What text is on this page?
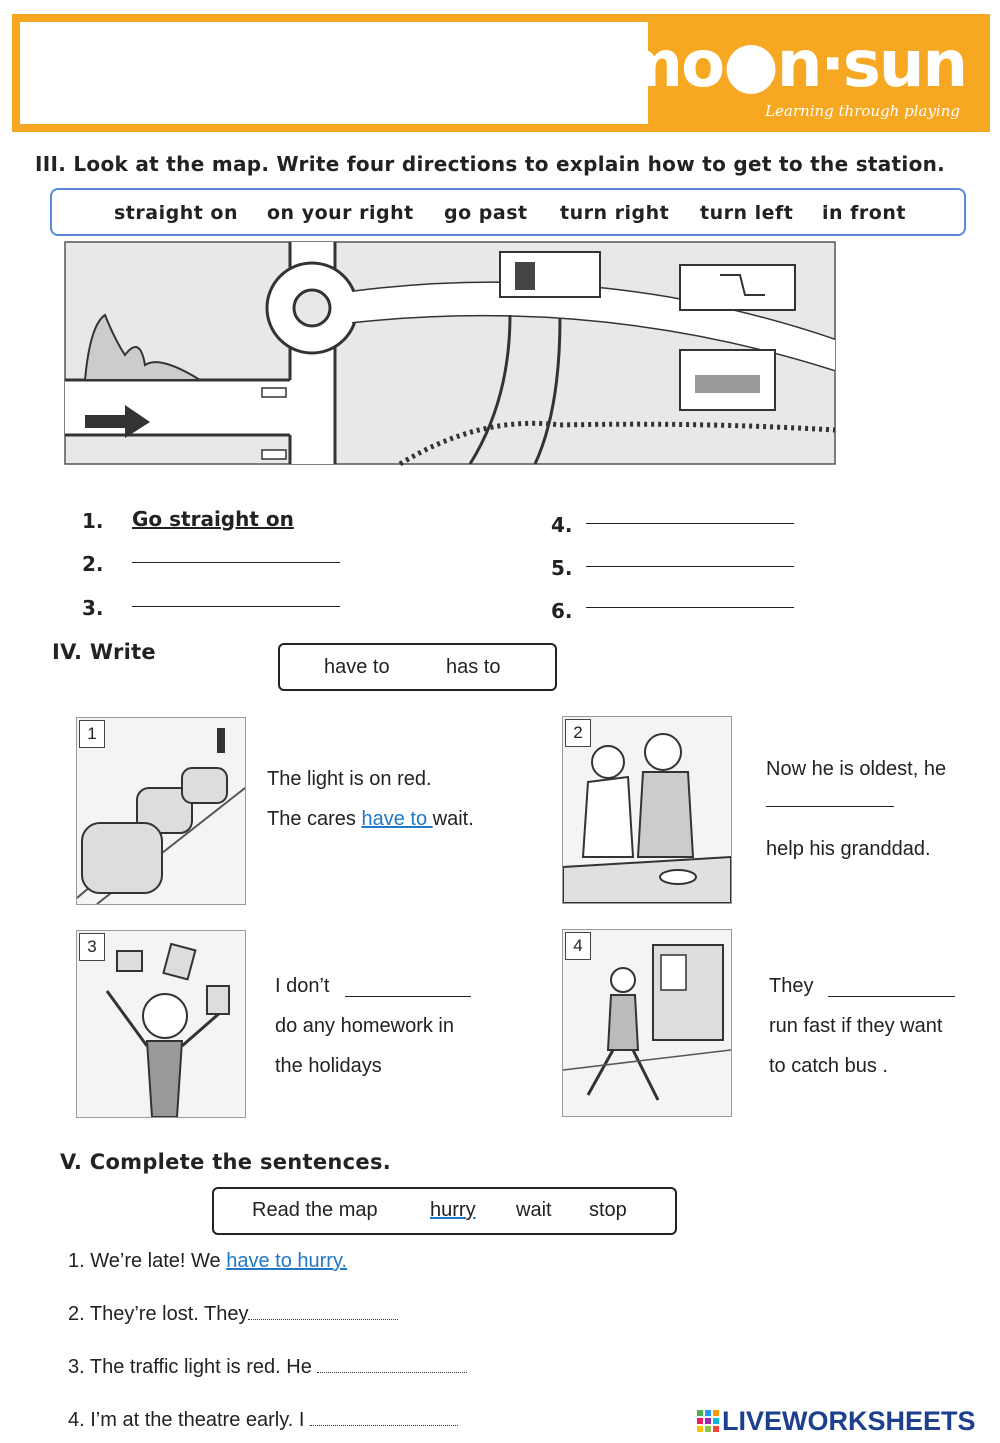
mo●n·sun
Learning through playing
III. Look at the map. Write four directions to explain how to get to the station.
straight on on your right go past turn right turn left in front
1. Go straight on
2.
3.
4.
5.
6.
IV. Write
have to	has to
1
The light is on red.
The cares have to wait.
2
Now he is oldest, he
help his granddad.
3
I don’t
do any homework in
the holidays
4
They
run fast if they want
to catch bus .
V. Complete the sentences.
Read the map	hurry wait stop
1. We’re late! We have to hurry.
2. They’re lost. They
3. The traffic light is red. He
4. I’m at the theatre early. I	LIVEWORKSHEETS
